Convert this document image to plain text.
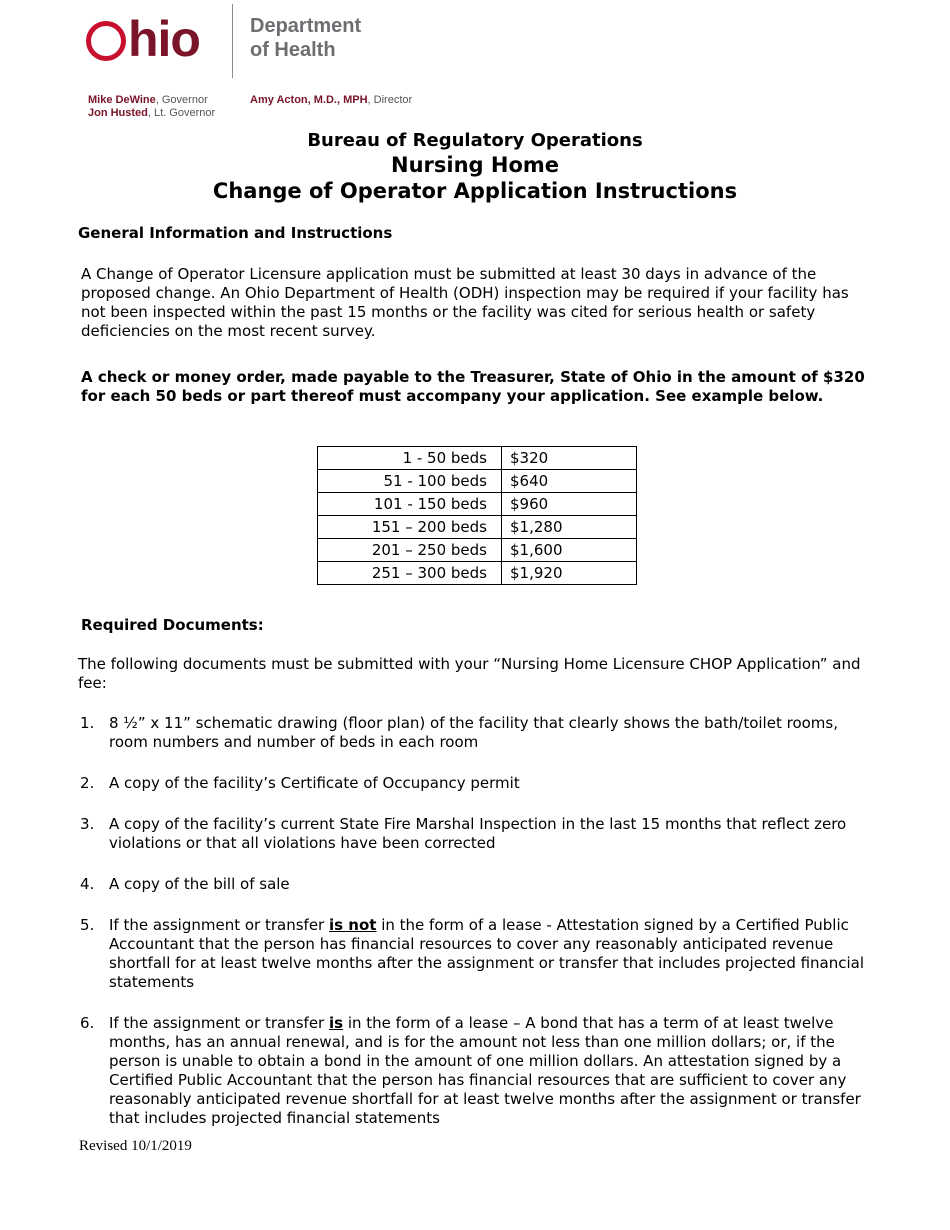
hio	Department
of Health
Mike DeWine, Governor
Jon Husted, Lt. Governor
Amy Acton, M.D., MPH, Director
Bureau of Regulatory Operations
Nursing Home
Change of Operator Application Instructions
General Information and Instructions
A Change of Operator Licensure application must be submitted at least 30 days in advance of the proposed change. An Ohio Department of Health (ODH) inspection may be required if your facility has not been inspected within the past 15 months or the facility was cited for serious health or safety deficiencies on the most recent survey.
A check or money order, made payable to the Treasurer, State of Ohio in the amount of $320 for each 50 beds or part thereof must accompany your application. See example below.
1 - 50 beds	$320
51 - 100 beds	$640
101 - 150 beds	$960
151 – 200 beds	$1,280
201 – 250 beds	$1,600
251 – 300 beds	$1,920
Required Documents:
The following documents must be submitted with your “Nursing Home Licensure CHOP Application” and fee:
1. 8 ½” x 11” schematic drawing (floor plan) of the facility that clearly shows the bath/toilet rooms, room numbers and number of beds in each room
2. A copy of the facility’s Certificate of Occupancy permit
3. A copy of the facility’s current State Fire Marshal Inspection in the last 15 months that reflect zero violations or that all violations have been corrected
4. A copy of the bill of sale
5. If the assignment or transfer is not in the form of a lease - Attestation signed by a Certified Public Accountant that the person has financial resources to cover any reasonably anticipated revenue shortfall for at least twelve months after the assignment or transfer that includes projected financial statements
6. If the assignment or transfer is in the form of a lease – A bond that has a term of at least twelve months, has an annual renewal, and is for the amount not less than one million dollars; or, if the person is unable to obtain a bond in the amount of one million dollars. An attestation signed by a Certified Public Accountant that the person has financial resources that are sufficient to cover any reasonably anticipated revenue shortfall for at least twelve months after the assignment or transfer that includes projected financial statements
Revised 10/1/2019
